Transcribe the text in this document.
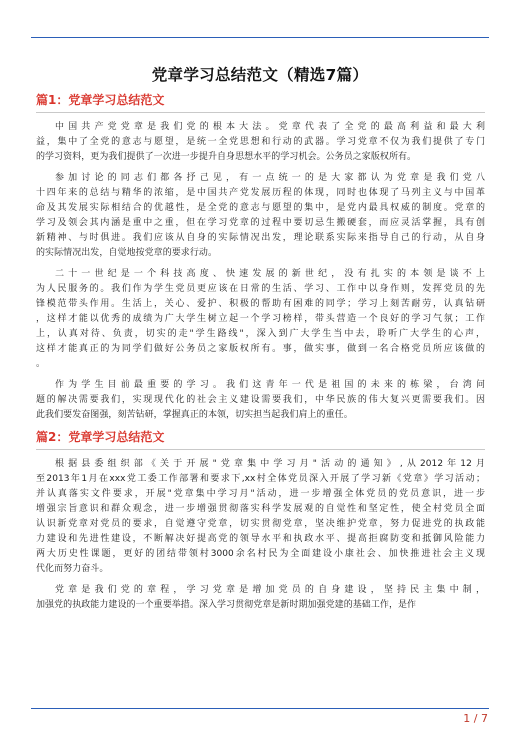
党章学习总结范文（精选7篇）
篇1：党章学习总结范文
中国共产党党章是我们党的根本大法。党章代表了全党的最高利益和最大利
益，集中了全党的意志与愿望，是统一全党思想和行动的武器。学习党章不仅为我们提供了专门
的学习资料，更为我们提供了一次进一步提升自身思想水平的学习机会。公务员之家版权所有。
参加讨论的同志们都各抒己见，有一点统一的是大家都认为党章是我们党八
十四年来的总结与精华的浓缩，是中国共产党发展历程的体现，同时也体现了马列主义与中国革
命及其发展实际相结合的优越性，是全党的意志与愿望的集中，是党内最具权威的制度。党章的
学习及领会其内涵是重中之重，但在学习党章的过程中要切忌生搬硬套，而应灵活掌握，具有创
新精神、与时俱进。我们应该从自身的实际情况出发，理论联系实际来指导自己的行动，从自身
的实际情况出发，自觉地按党章的要求行动。
二十一世纪是一个科技高度、快速发展的新世纪，没有扎实的本领是谈不上
为人民服务的。我们作为学生党员更应该在日常的生活、学习、工作中以身作则，发挥党员的先
锋模范带头作用。生活上，关心、爱护、积极的帮助有困难的同学；学习上刻苦耐劳，认真钻研
，这样才能以优秀的成绩为广大学生树立起一个学习榜样，带头营造一个良好的学习气氛；工作
上，认真对待、负责，切实的走"学生路线"，深入到广大学生当中去，聆听广大学生的心声，
这样才能真正的为同学们做好公务员之家版权所有。事，做实事，做到一名合格党员所应该做的
。
作为学生目前最重要的学习。我们这青年一代是祖国的未来的栋梁，台湾问
题的解决需要我们，实现现代化的社会主义建设需要我们，中华民族的伟大复兴更需要我们。因
此我们要发奋图强，刻苦钻研，掌握真正的本领，切实担当起我们肩上的重任。
篇2：党章学习总结范文
根据县委组织部《关于开展"党章集中学习月"活动的通知》,从2012年12月
至2013年1月在xxx党工委工作部署和要求下,xx村全体党员深入开展了学习新《党章》学习活动；
并认真落实文件要求，开展"党章集中学习月"活动，进一步增强全体党员的党员意识，进一步
增强宗旨意识和群众观念，进一步增强贯彻落实科学发展观的自觉性和坚定性，使全村党员全面
认识新党章对党员的要求，自觉遵守党章，切实贯彻党章，坚决维护党章，努力促进党的执政能
力建设和先进性建设，不断解决好提高党的领导水平和执政水平、提高拒腐防变和抵御风险能力
两大历史性课题，更好的团结带领村3000余名村民为全面建设小康社会、加快推进社会主义现
代化而努力奋斗。
党章是我们党的章程，学习党章是增加党员的自身建设，坚持民主集中制，
加强党的执政能力建设的一个重要举措。深入学习贯彻党章是新时期加强党建的基础工作，是作
1 / 7
